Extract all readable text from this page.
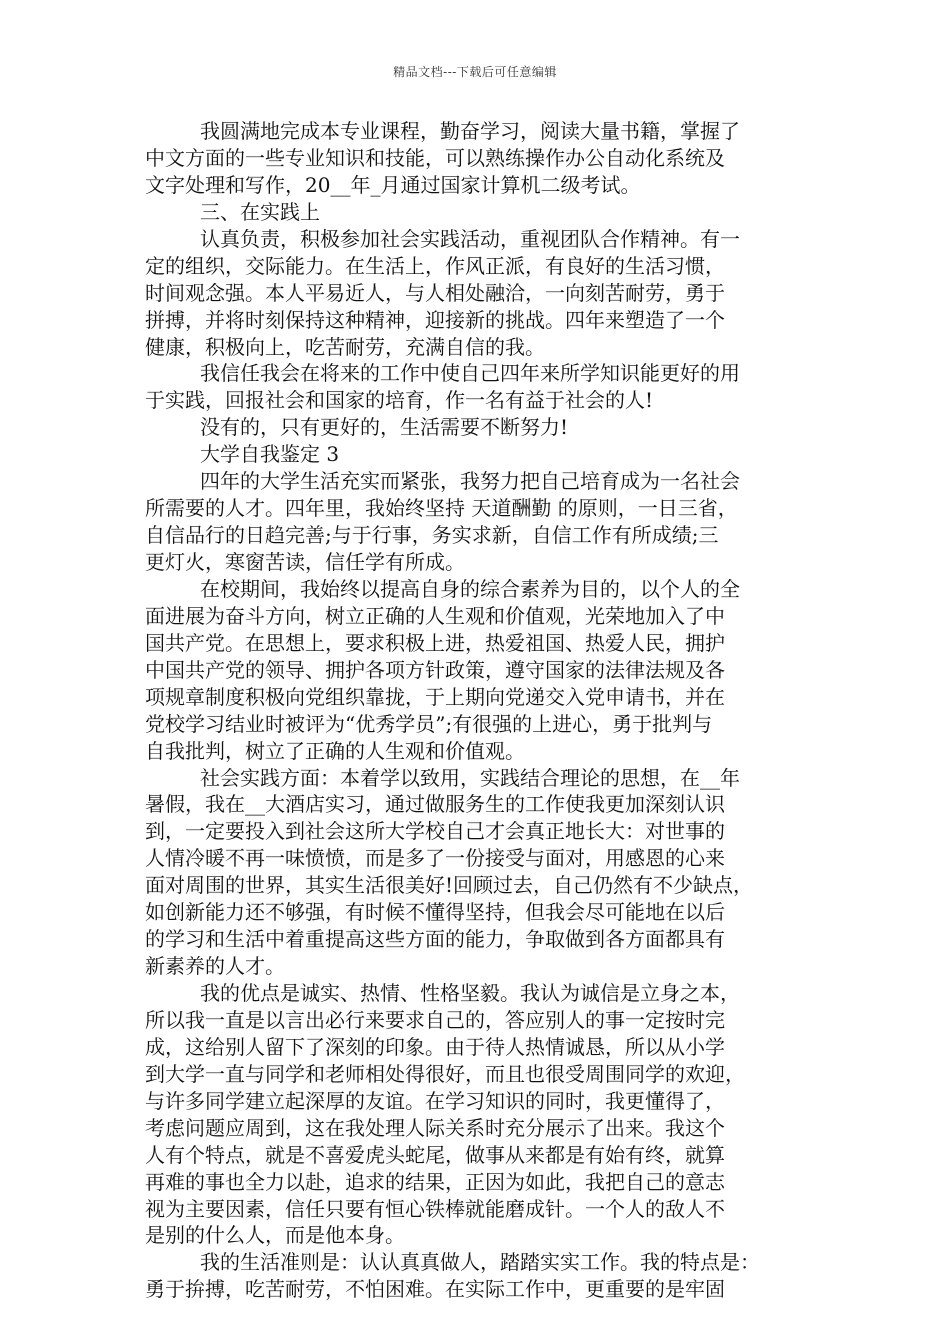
精品文档---下载后可任意编辑
我圆满地完成本专业课程，勤奋学习，阅读大量书籍，掌握了
中文方面的一些专业知识和技能，可以熟练操作办公自动化系统及
文字处理和写作，20__年_月通过国家计算机二级考试。
三、在实践上
认真负责，积极参加社会实践活动，重视团队合作精神。有一
定的组织，交际能力。在生活上，作风正派，有良好的生活习惯，
时间观念强。本人平易近人，与人相处融洽，一向刻苦耐劳，勇于
拼搏，并将时刻保持这种精神，迎接新的挑战。四年来塑造了一个
健康，积极向上，吃苦耐劳，充满自信的我。
我信任我会在将来的工作中使自己四年来所学知识能更好的用
于实践，回报社会和国家的培育，作一名有益于社会的人!
没有的，只有更好的，生活需要不断努力!
大学自我鉴定 3
四年的大学生活充实而紧张，我努力把自己培育成为一名社会
所需要的人才。四年里，我始终坚持 天道酬勤 的原则，一日三省，
自信品行的日趋完善;与于行事，务实求新，自信工作有所成绩;三
更灯火，寒窗苦读，信任学有所成。
在校期间，我始终以提高自身的综合素养为目的，以个人的全
面进展为奋斗方向，树立正确的人生观和价值观，光荣地加入了中
国共产党。在思想上，要求积极上进，热爱祖国、热爱人民，拥护
中国共产党的领导、拥护各项方针政策，遵守国家的法律法规及各
项规章制度积极向党组织靠拢，于上期向党递交入党申请书，并在
党校学习结业时被评为“优秀学员”;有很强的上进心，勇于批判与
自我批判，树立了正确的人生观和价值观。
社会实践方面：本着学以致用，实践结合理论的思想，在__年
暑假，我在__大酒店实习，通过做服务生的工作使我更加深刻认识
到，一定要投入到社会这所大学校自己才会真正地长大：对世事的
人情冷暖不再一味愤愤，而是多了一份接受与面对，用感恩的心来
面对周围的世界，其实生活很美好!回顾过去，自己仍然有不少缺点，
如创新能力还不够强，有时候不懂得坚持，但我会尽可能地在以后
的学习和生活中着重提高这些方面的能力，争取做到各方面都具有
新素养的人才。
我的优点是诚实、热情、性格坚毅。我认为诚信是立身之本，
所以我一直是以言出必行来要求自己的，答应别人的事一定按时完
成，这给别人留下了深刻的印象。由于待人热情诚恳，所以从小学
到大学一直与同学和老师相处得很好，而且也很受周围同学的欢迎，
与许多同学建立起深厚的友谊。在学习知识的同时，我更懂得了，
考虑问题应周到，这在我处理人际关系时充分展示了出来。我这个
人有个特点，就是不喜爱虎头蛇尾，做事从来都是有始有终，就算
再难的事也全力以赴，追求的结果，正因为如此，我把自己的意志
视为主要因素，信任只要有恒心铁棒就能磨成针。一个人的敌人不
是别的什么人，而是他本身。
我的生活准则是：认认真真做人，踏踏实实工作。我的特点是：
勇于拚搏，吃苦耐劳，不怕困难。在实际工作中，更重要的是牢固
